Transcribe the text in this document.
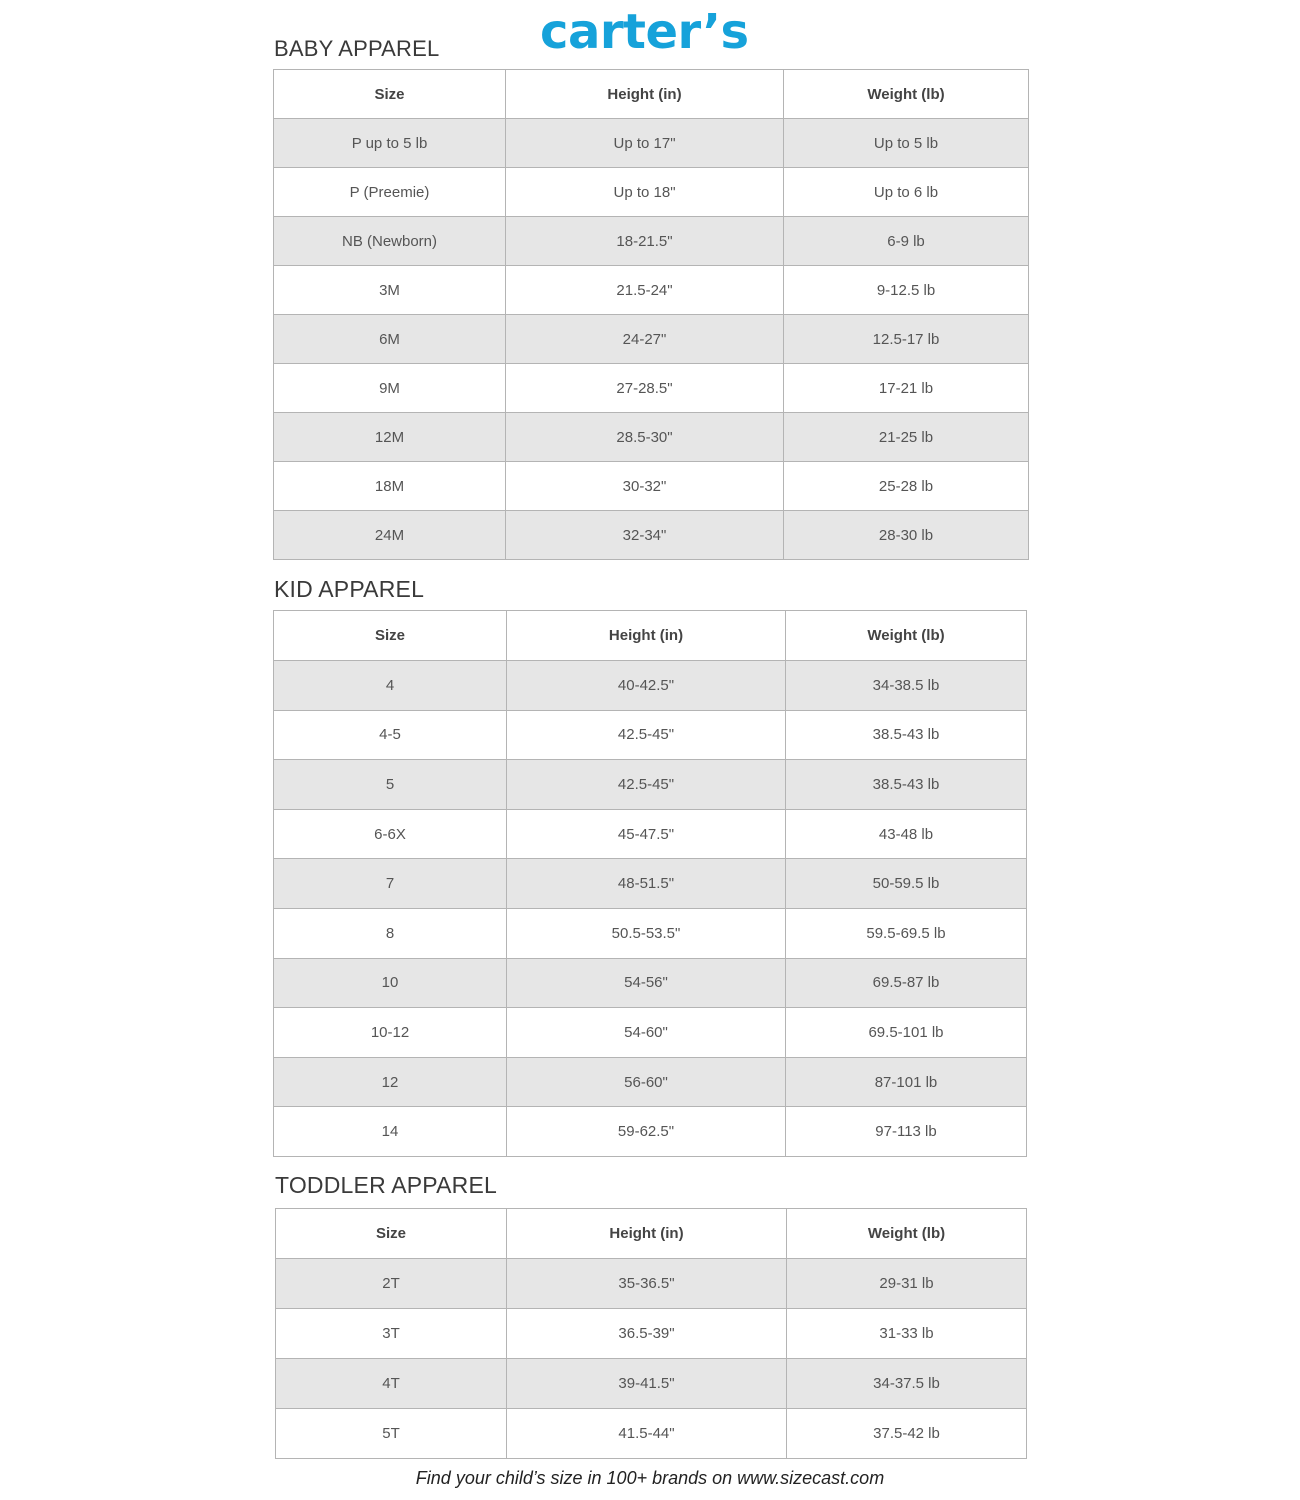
carter’s
BABY APPAREL
Size	Height (in)	Weight (lb)
P up to 5 lb	Up to 17"	Up to 5 lb
P (Preemie)	Up to 18"	Up to 6 lb
NB (Newborn)	18-21.5"	6-9 lb
3M	21.5-24"	9-12.5 lb
6M	24-27"	12.5-17 lb
9M	27-28.5"	17-21 lb
12M	28.5-30"	21-25 lb
18M	30-32"	25-28 lb
24M	32-34"	28-30 lb
KID APPAREL
Size	Height (in)	Weight (lb)
4	40-42.5"	34-38.5 lb
4-5	42.5-45"	38.5-43 lb
5	42.5-45"	38.5-43 lb
6-6X	45-47.5"	43-48 lb
7	48-51.5"	50-59.5 lb
8	50.5-53.5"	59.5-69.5 lb
10	54-56"	69.5-87 lb
10-12	54-60"	69.5-101 lb
12	56-60"	87-101 lb
14	59-62.5"	97-113 lb
TODDLER APPAREL
Size	Height (in)	Weight (lb)
2T	35-36.5"	29-31 lb
3T	36.5-39"	31-33 lb
4T	39-41.5"	34-37.5 lb
5T	41.5-44"	37.5-42 lb
Find your child’s size in 100+ brands on www.sizecast.com
